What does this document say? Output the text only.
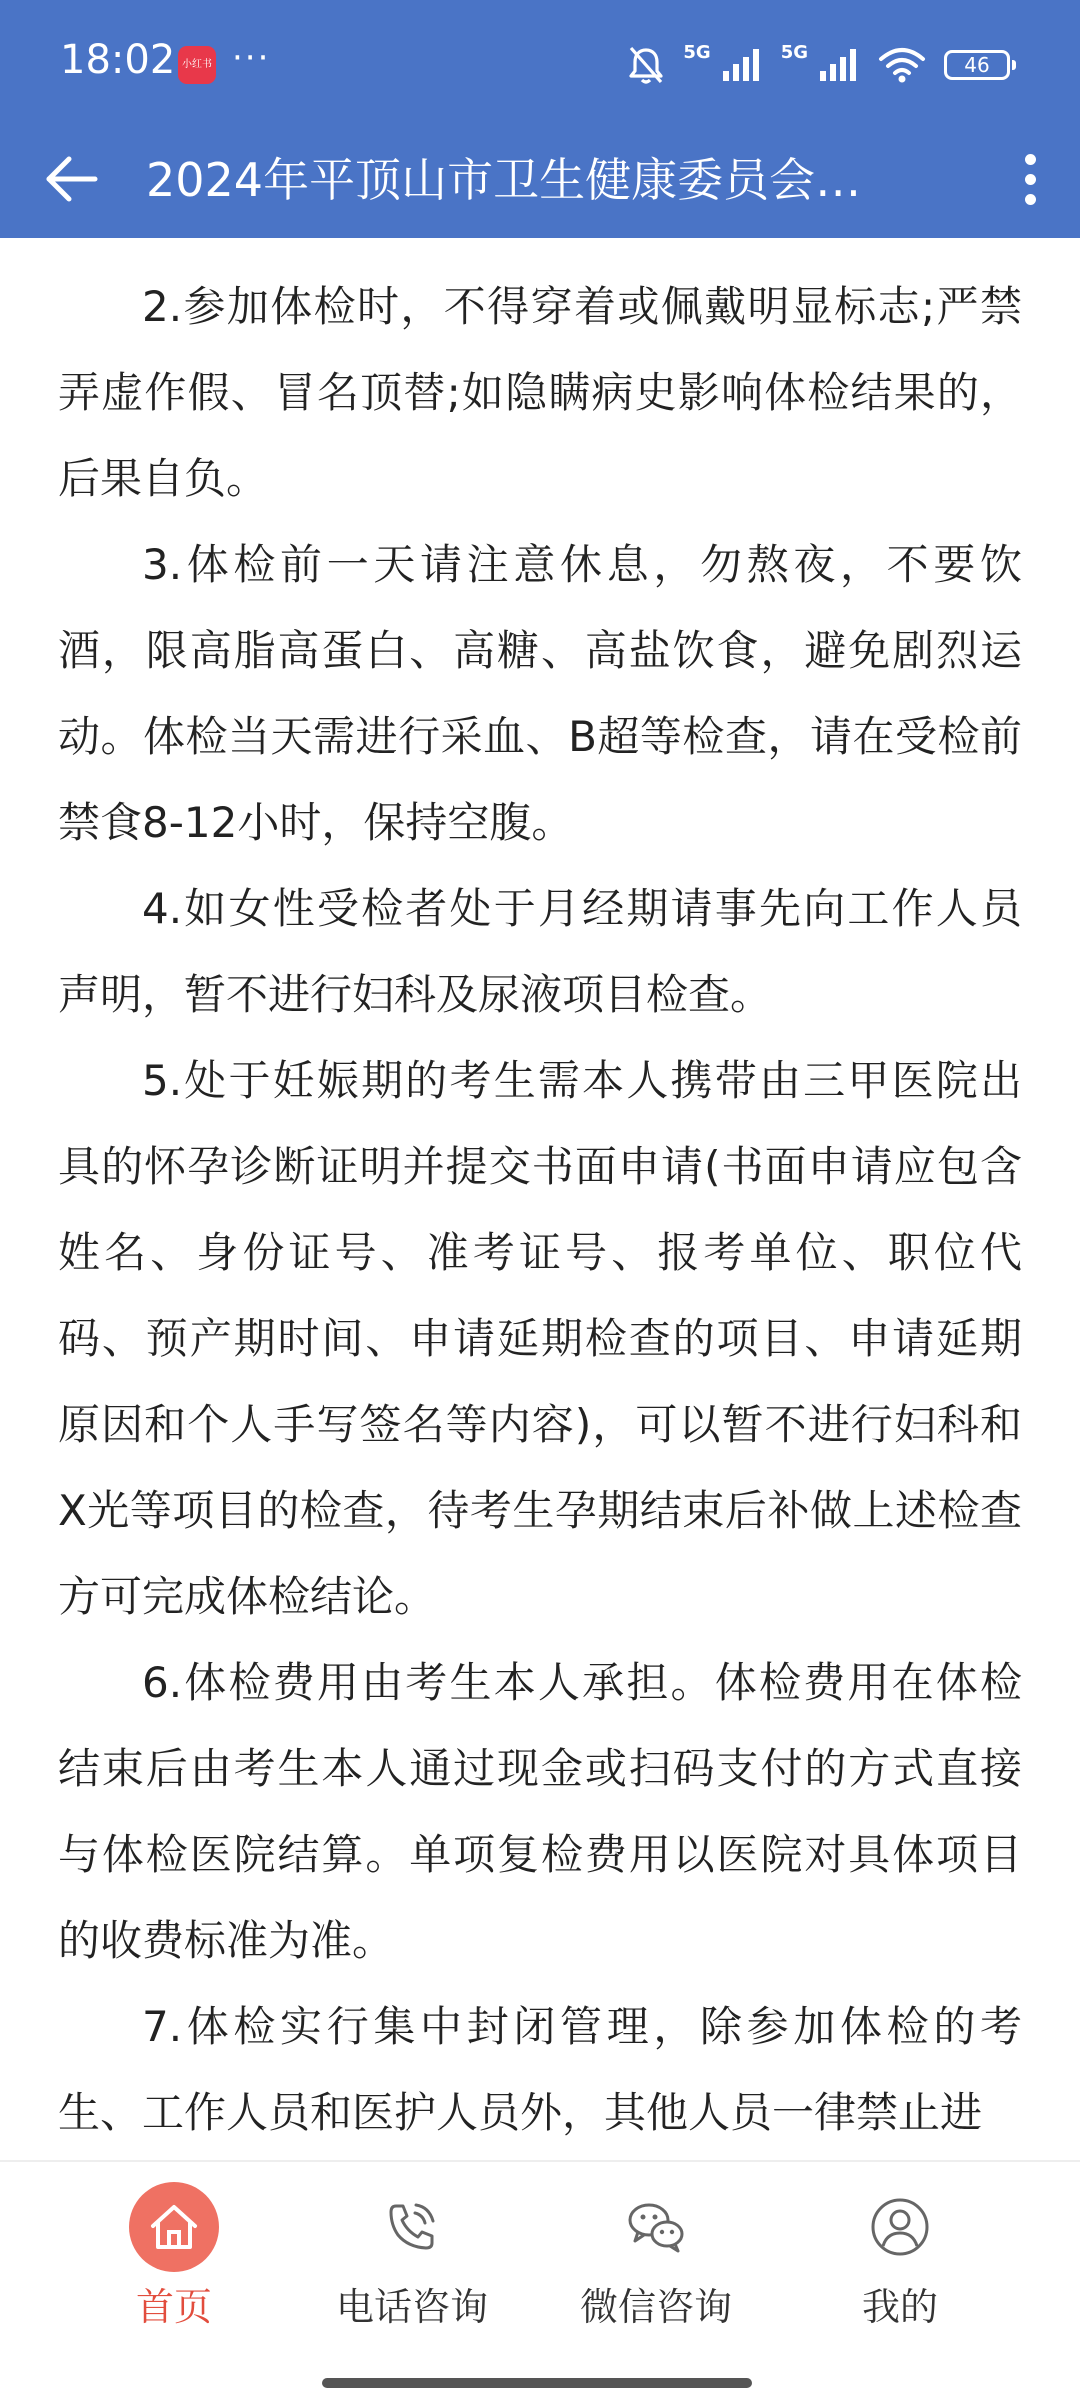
18:02 小红书 ···	5G	5G
46
2024年平顶山市卫生健康委员会…

2.参加体检时，不得穿着或佩戴明显标志;严禁弄虚作假、冒名顶替;如隐瞒病史影响体检结果的，后果自负。

3.体检前一天请注意休息，勿熬夜，不要饮酒，限高脂高蛋白、高糖、高盐饮食，避免剧烈运动。体检当天需进行采血、B超等检查，请在受检前禁食8-12小时，保持空腹。

4.如女性受检者处于月经期请事先向工作人员声明，暂不进行妇科及尿液项目检查。

5.处于妊娠期的考生需本人携带由三甲医院出具的怀孕诊断证明并提交书面申请(书面申请应包含姓名、身份证号、准考证号、报考单位、职位代码、预产期时间、申请延期检查的项目、申请延期原因和个人手写签名等内容)，可以暂不进行妇科和X光等项目的检查，待考生孕期结束后补做上述检查方可完成体检结论。

6.体检费用由考生本人承担。体检费用在体检结束后由考生本人通过现金或扫码支付的方式直接与体检医院结算。单项复检费用以医院对具体项目的收费标准为准。

7.体检实行集中封闭管理，除参加体检的考生、工作人员和医护人员外，其他人员一律禁止进

首页	电话咨询	微信咨询	我的
